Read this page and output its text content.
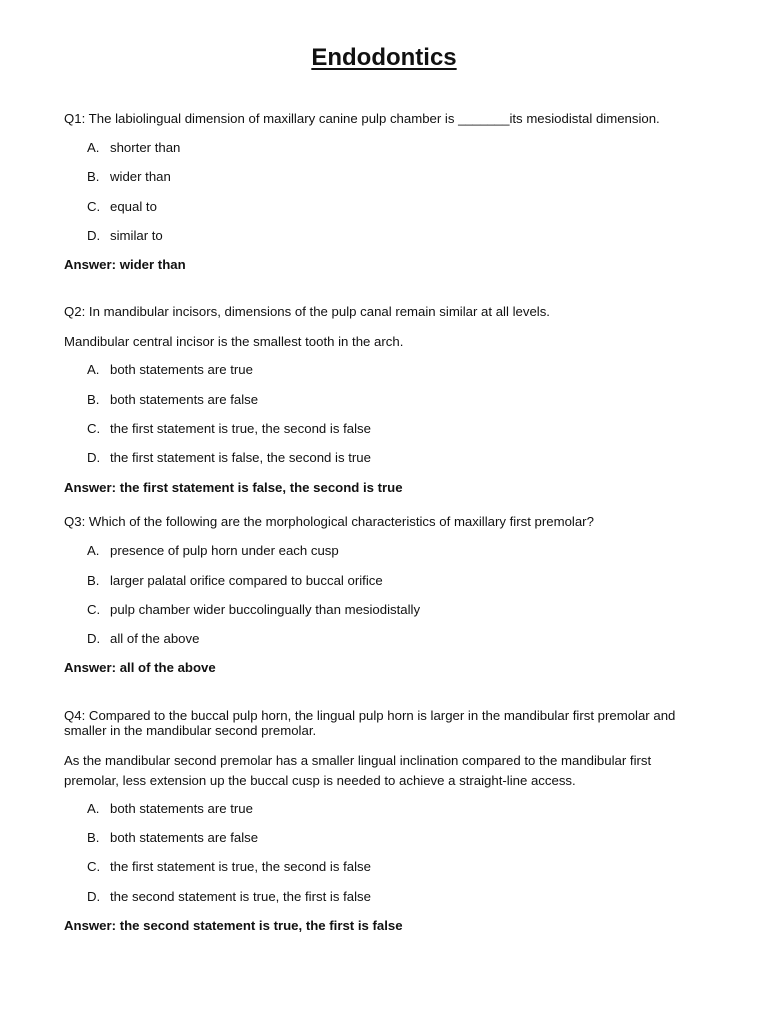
Endodontics

Q1: The labiolingual dimension of maxillary canine pulp chamber is _______its mesiodistal dimension.

A. shorter than

B. wider than

C. equal to

D. similar to

Answer: wider than

Q2: In mandibular incisors, dimensions of the pulp canal remain similar at all levels.

Mandibular central incisor is the smallest tooth in the arch.

A. both statements are true

B. both statements are false

C. the first statement is true, the second is false

D. the first statement is false, the second is true

Answer: the first statement is false, the second is true

Q3: Which of the following are the morphological characteristics of maxillary first premolar?

A. presence of pulp horn under each cusp

B. larger palatal orifice compared to buccal orifice

C. pulp chamber wider buccolingually than mesiodistally

D. all of the above

Answer: all of the above

Q4: Compared to the buccal pulp horn, the lingual pulp horn is larger in the mandibular first premolar and smaller in the mandibular second premolar.

As the mandibular second premolar has a smaller lingual inclination compared to the mandibular first premolar, less extension up the buccal cusp is needed to achieve a straight-line access.

A. both statements are true

B. both statements are false

C. the first statement is true, the second is false

D. the second statement is true, the first is false

Answer: the second statement is true, the first is false
